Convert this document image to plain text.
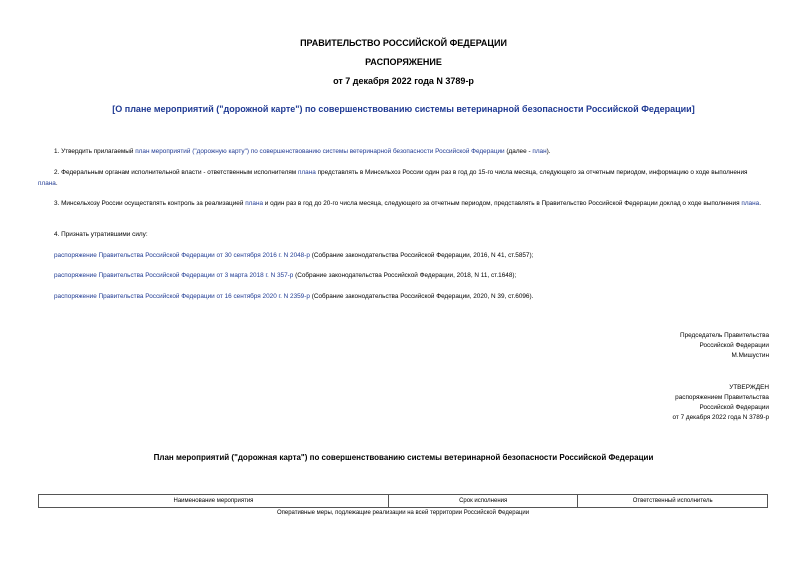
ПРАВИТЕЛЬСТВО РОССИЙСКОЙ ФЕДЕРАЦИИ
РАСПОРЯЖЕНИЕ
от 7 декабря 2022 года N 3789-р
[О плане мероприятий ("дорожной карте") по совершенствованию системы ветеринарной безопасности Российской Федерации]
1. Утвердить прилагаемый план мероприятий ("дорожную карту") по совершенствованию системы ветеринарной безопасности Российской Федерации (далее - план).
2. Федеральным органам исполнительной власти - ответственным исполнителям плана представлять в Минсельхоз России один раз в год до 15-го числа месяца, следующего за отчетным периодом, информацию о ходе выполнения плана.
3. Минсельхозу России осуществлять контроль за реализацией плана и один раз в год до 20-го числа месяца, следующего за отчетным периодом, представлять в Правительство Российской Федерации доклад о ходе выполнения плана.
4. Признать утратившими силу:
распоряжение Правительства Российской Федерации от 30 сентября 2016 г. N 2048-р (Собрание законодательства Российской Федерации, 2016, N 41, ст.5857);
распоряжение Правительства Российской Федерации от 3 марта 2018 г. N 357-р (Собрание законодательства Российской Федерации, 2018, N 11, ст.1648);
распоряжение Правительства Российской Федерации от 16 сентября 2020 г. N 2359-р (Собрание законодательства Российской Федерации, 2020, N 39, ст.6096).
Председатель Правительства
Российской Федерации
М.Мишустин
УТВЕРЖДЕН
распоряжением Правительства
Российской Федерации
от 7 декабря 2022 года N 3789-р
План мероприятий ("дорожная карта") по совершенствованию системы ветеринарной безопасности Российской Федерации
Наименование мероприятия	Срок исполнения	Ответственный исполнитель
Оперативные меры, подлежащие реализации на всей территории Российской Федерации
